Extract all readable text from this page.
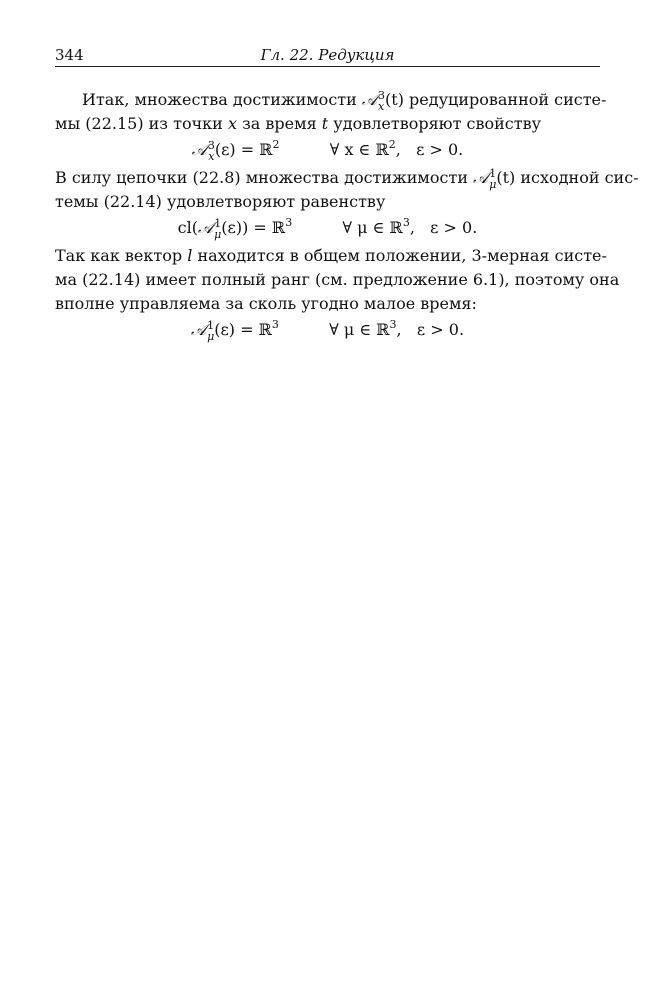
344	Гл. 22. Редукция
Итак, множества достижимости 𝒜 3
x (t) редуцированной систе-
мы (22.15) из точки x за время t удовлетворяют свойству
𝒜 3
x (ε) = ℝ$^2$	∀ x ∈ ℝ$^2$,   ε > 0.
В силу цепочки (22.8) множества достижимости 𝒜 1
μ (t) исходной сис-
темы (22.14) удовлетворяют равенству
cl(𝒜 1
μ (ε)) = ℝ$^3$	∀ μ ∈ ℝ$^3$,   ε > 0.
Так как вектор l находится в общем положении, 3-мерная систе-
ма (22.14) имеет полный ранг (см. предложение 6.1), поэтому она
вполне управляема за сколь угодно малое время:
𝒜 1
μ (ε) = ℝ$^3$	∀ μ ∈ ℝ$^3$,   ε > 0.
